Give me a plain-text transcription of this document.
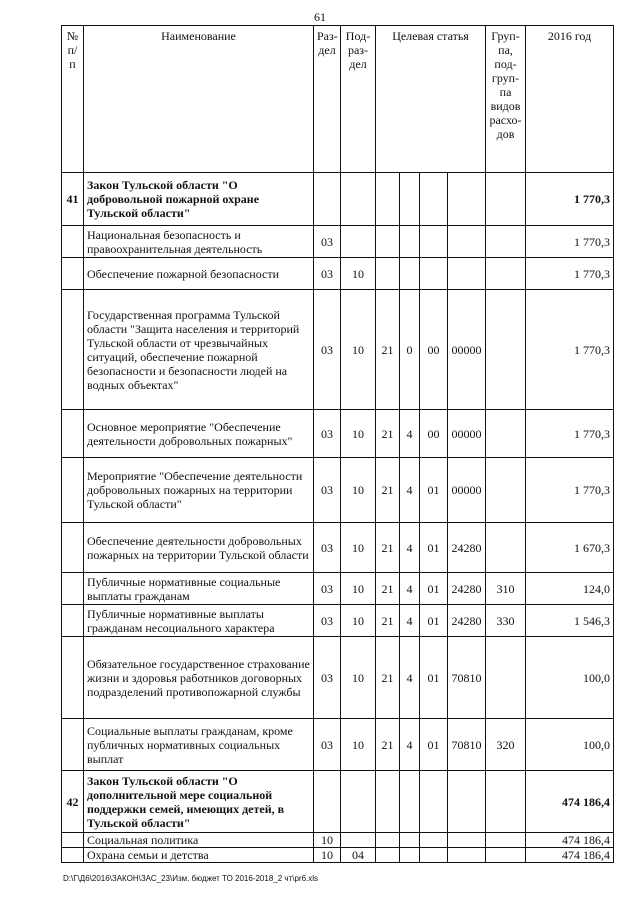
61
№ п/п	Наименование	Раз- дел	Под- раз- дел	Целевая статья				Груп- па, под- груп- па видов расхо- дов	2016 год
41	Закон Тульской области "О добровольной пожарной охране Тульской области"								1 770,3
	Национальная безопасность и правоохранительная деятельность	03							1 770,3
	Обеспечение пожарной безопасности	03	10						1 770,3
	Государственная программа Тульской области "Защита населения и территорий Тульской области от чрезвычайных ситуаций, обеспечение пожарной безопасности и безопасности людей на водных объектах"	03	10	21	0	00	00000		1 770,3
	Основное мероприятие "Обеспечение деятельности добровольных пожарных"	03	10	21	4	00	00000		1 770,3
	Мероприятие "Обеспечение деятельности добровольных пожарных на территории Тульской области"	03	10	21	4	01	00000		1 770,3
	Обеспечение деятельности добровольных пожарных на территории Тульской области	03	10	21	4	01	24280		1 670,3
	Публичные нормативные социальные выплаты гражданам	03	10	21	4	01	24280	310	124,0
	Публичные нормативные выплаты гражданам несоциального характера	03	10	21	4	01	24280	330	1 546,3
	Обязательное государственное страхование жизни и здоровья работников договорных подразделений противопожарной службы	03	10	21	4	01	70810		100,0
	Социальные выплаты гражданам, кроме публичных нормативных социальных выплат	03	10	21	4	01	70810	320	100,0
42	Закон Тульской области "О дополнительной мере социальной поддержки семей, имеющих детей, в Тульской области"								474 186,4
	Социальная политика	10							474 186,4
	Охрана семьи и детства	10	04						474 186,4
D:\Г\Д6\2016\ЗАКОН\ЗАС_23\Изм. бюджет ТО 2016-2018_2 чт\pr6.xls
